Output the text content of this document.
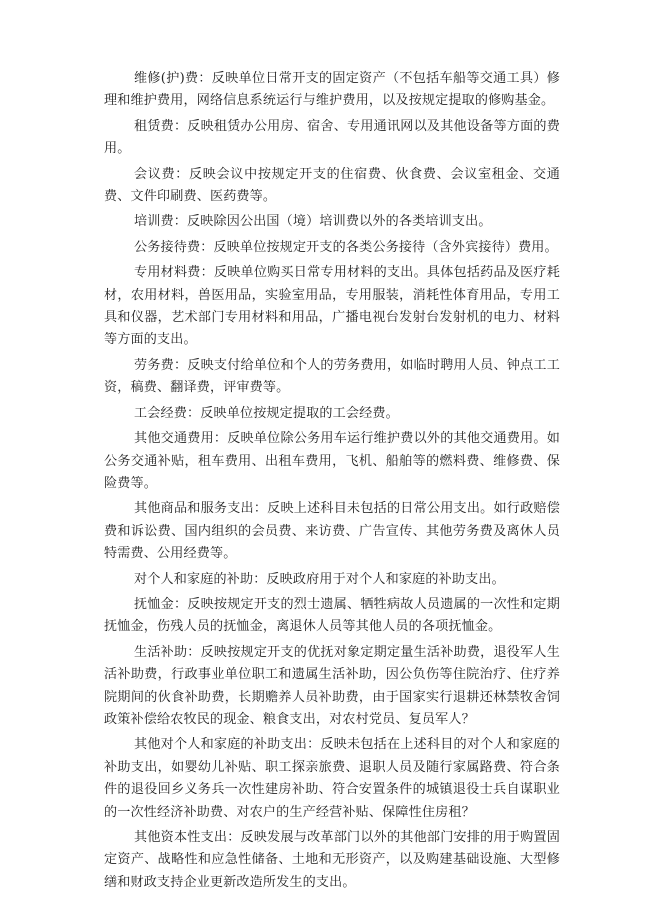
维修(护)费：反映单位日常开支的固定资产（不包括车船等交通工具）修理和维护费用，网络信息系统运行与维护费用，以及按规定提取的修购基金。

租赁费：反映租赁办公用房、宿舍、专用通讯网以及其他设备等方面的费用。

会议费：反映会议中按规定开支的住宿费、伙食费、会议室租金、交通费、文件印刷费、医药费等。

培训费：反映除因公出国（境）培训费以外的各类培训支出。

公务接待费：反映单位按规定开支的各类公务接待（含外宾接待）费用。

专用材料费：反映单位购买日常专用材料的支出。具体包括药品及医疗耗材，农用材料，兽医用品，实验室用品，专用服装，消耗性体育用品，专用工具和仪器，艺术部门专用材料和用品，广播电视台发射台发射机的电力、材料等方面的支出。

劳务费：反映支付给单位和个人的劳务费用，如临时聘用人员、钟点工工资，稿费、翻译费，评审费等。

工会经费：反映单位按规定提取的工会经费。

其他交通费用：反映单位除公务用车运行维护费以外的其他交通费用。如公务交通补贴，租车费用、出租车费用，飞机、船舶等的燃料费、维修费、保险费等。

其他商品和服务支出：反映上述科目未包括的日常公用支出。如行政赔偿费和诉讼费、国内组织的会员费、来访费、广告宣传、其他劳务费及离休人员特需费、公用经费等。

对个人和家庭的补助：反映政府用于对个人和家庭的补助支出。

抚恤金：反映按规定开支的烈士遗属、牺牲病故人员遗属的一次性和定期抚恤金，伤残人员的抚恤金，离退休人员等其他人员的各项抚恤金。

生活补助：反映按规定开支的优抚对象定期定量生活补助费，退役军人生活补助费，行政事业单位职工和遗属生活补助，因公负伤等住院治疗、住疗养院期间的伙食补助费，长期赡养人员补助费，由于国家实行退耕还林禁牧舍饲政策补偿给农牧民的现金、粮食支出，对农村党员、复员军人？

其他对个人和家庭的补助支出：反映未包括在上述科目的对个人和家庭的补助支出，如婴幼儿补贴、职工探亲旅费、退职人员及随行家属路费、符合条件的退役回乡义务兵一次性建房补助、符合安置条件的城镇退役士兵自谋职业的一次性经济补助费、对农户的生产经营补贴、保障性住房租？

其他资本性支出：反映发展与改革部门以外的其他部门安排的用于购置固定资产、战略性和应急性储备、土地和无形资产，以及购建基础设施、大型修缮和财政支持企业更新改造所发生的支出。
